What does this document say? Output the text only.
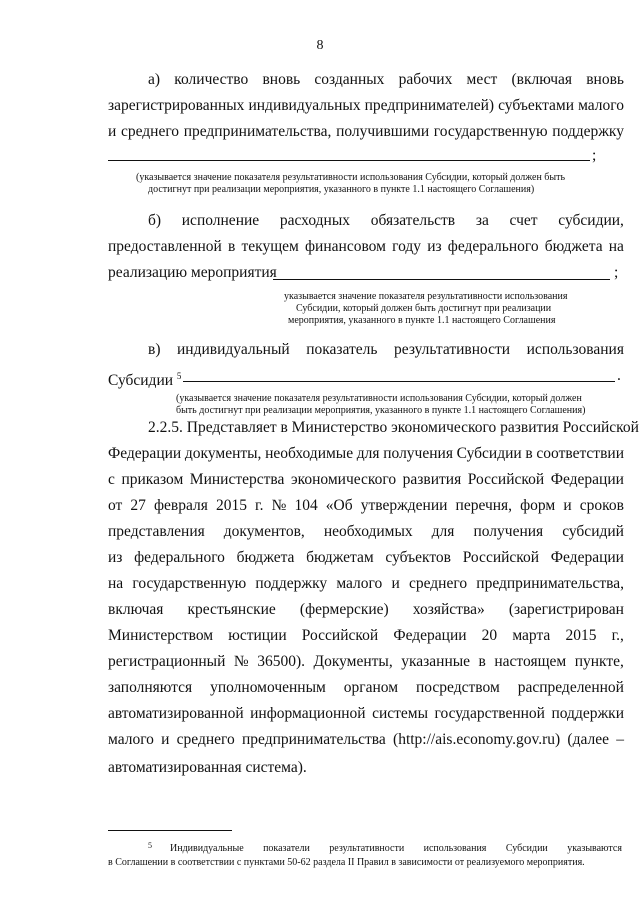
8
а) количество вновь созданных рабочих мест (включая вновь
зарегистрированных индивидуальных предпринимателей) субъектами малого
и среднего предпринимательства, получившими государственную поддержку
;
(указывается значение показателя результативности использования Субсидии, который должен быть
достигнут при реализации мероприятия, указанного в пункте 1.1 настоящего Соглашения)
б) исполнение расходных обязательств за счет субсидии,
предоставленной в текущем финансовом году из федерального бюджета на
реализацию мероприятия	;
указывается значение показателя результативности использования
Субсидии, который должен быть достигнут при реализации
мероприятия, указанного в пункте 1.1 настоящего Соглашения
в) индивидуальный показатель результативности использования
Субсидии $^5$	.
(указывается значение показателя результативности использования Субсидии, который должен
быть достигнут при реализации мероприятия, указанного в пункте 1.1 настоящего Соглашения)
2.2.5. Представляет в Министерство экономического развития Российской
Федерации документы, необходимые для получения Субсидии в соответствии
с приказом Министерства экономического развития Российской Федерации
от 27 февраля 2015 г. № 104 «Об утверждении перечня, форм и сроков
представления документов, необходимых для получения субсидий
из федерального бюджета бюджетам субъектов Российской Федерации
на государственную поддержку малого и среднего предпринимательства,
включая крестьянские (фермерские) хозяйства» (зарегистрирован
Министерством юстиции Российской Федерации 20 марта 2015 г.,
регистрационный № 36500). Документы, указанные в настоящем пункте,
заполняются уполномоченным органом посредством распределенной
автоматизированной информационной системы государственной поддержки
малого и среднего предпринимательства (http://ais.economy.gov.ru) (далее –
автоматизированная система).
5 Индивидуальные показатели результативности использования Субсидии указываются
в Соглашении в соответствии с пунктами 50-62 раздела II Правил в зависимости от реализуемого мероприятия.
